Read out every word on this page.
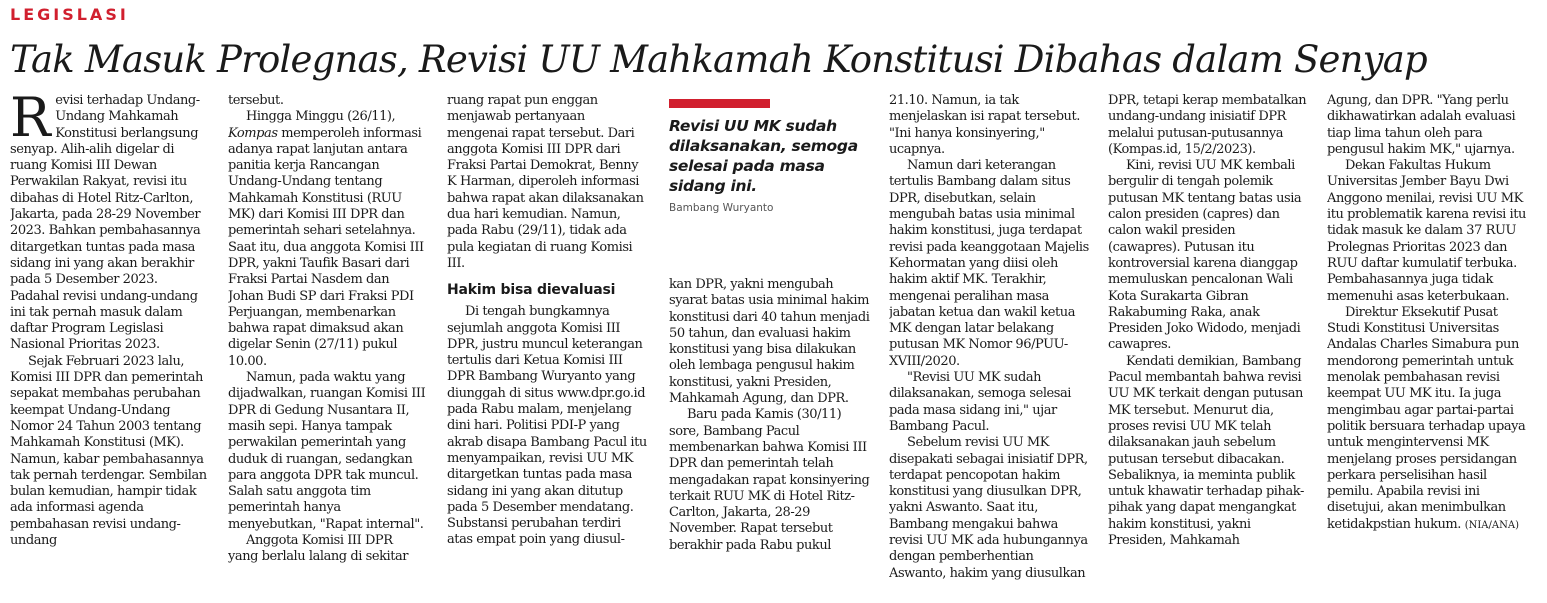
LEGISLASI
Tak Masuk Prolegnas, Revisi UU Mahkamah Konstitusi Dibahas dalam Senyap

Revisi terhadap Undang-Undang Mahkamah Konstitusi berlangsung senyap. Alih-alih digelar di ruang Komisi III Dewan Perwakilan Rakyat, revisi itu dibahas di Hotel Ritz-Carlton, Jakarta, pada 28-29 November 2023. Bahkan pembahasannya ditargetkan tuntas pada masa sidang ini yang akan berakhir pada 5 Desember 2023. Padahal revisi undang-undang ini tak pernah masuk dalam daftar Program Legislasi Nasional Prioritas 2023.

Sejak Februari 2023 lalu, Komisi III DPR dan pemerintah sepakat membahas perubahan keempat Undang-Undang Nomor 24 Tahun 2003 tentang Mahkamah Konstitusi (MK). Namun, kabar pembahasannya tak pernah terdengar. Sembilan bulan kemudian, hampir tidak ada informasi agenda pembahasan revisi undang-undang

tersebut.

Hingga Minggu (26/11), Kompas memperoleh informasi adanya rapat lanjutan antara panitia kerja Rancangan Undang-Undang tentang Mahkamah Konstitusi (RUU MK) dari Komisi III DPR dan pemerintah sehari setelahnya. Saat itu, dua anggota Komisi III DPR, yakni Taufik Basari dari Fraksi Partai Nasdem dan Johan Budi SP dari Fraksi PDI Perjuangan, membenarkan bahwa rapat dimaksud akan digelar Senin (27/11) pukul 10.00.

Namun, pada waktu yang dijadwalkan, ruangan Komisi III DPR di Gedung Nusantara II, masih sepi. Hanya tampak perwakilan pemerintah yang duduk di ruangan, sedangkan para anggota DPR tak muncul. Salah satu anggota tim pemerintah hanya menyebutkan, "Rapat internal".

Anggota Komisi III DPR yang berlalu lalang di sekitar

ruang rapat pun enggan menjawab pertanyaan mengenai rapat tersebut. Dari anggota Komisi III DPR dari Fraksi Partai Demokrat, Benny K Harman, diperoleh informasi bahwa rapat akan dilaksanakan dua hari kemudian. Namun, pada Rabu (29/11), tidak ada pula kegiatan di ruang Komisi III.

Hakim bisa dievaluasi

Di tengah bungkamnya sejumlah anggota Komisi III DPR, justru muncul keterangan tertulis dari Ketua Komisi III DPR Bambang Wuryanto yang diunggah di situs www.dpr.go.id pada Rabu malam, menjelang dini hari. Politisi PDI-P yang akrab disapa Bambang Pacul itu menyampaikan, revisi UU MK ditargetkan tuntas pada masa sidang ini yang akan ditutup pada 5 Desember mendatang. Substansi perubahan terdiri atas empat poin yang diusul-

Revisi UU MK sudah dilaksanakan, semoga selesai pada masa sidang ini.
Bambang Wuryanto

kan DPR, yakni mengubah syarat batas usia minimal hakim konstitusi dari 40 tahun menjadi 50 tahun, dan evaluasi hakim konstitusi yang bisa dilakukan oleh lembaga pengusul hakim konstitusi, yakni Presiden, Mahkamah Agung, dan DPR.

Baru pada Kamis (30/11) sore, Bambang Pacul membenarkan bahwa Komisi III DPR dan pemerintah telah mengadakan rapat konsinyering terkait RUU MK di Hotel Ritz-Carlton, Jakarta, 28-29 November. Rapat tersebut berakhir pada Rabu pukul

21.10. Namun, ia tak menjelaskan isi rapat tersebut. "Ini hanya konsinyering," ucapnya.

Namun dari keterangan tertulis Bambang dalam situs DPR, disebutkan, selain mengubah batas usia minimal hakim konstitusi, juga terdapat revisi pada keanggotaan Majelis Kehormatan yang diisi oleh hakim aktif MK. Terakhir, mengenai peralihan masa jabatan ketua dan wakil ketua MK dengan latar belakang putusan MK Nomor 96/PUU- XVIII/2020.

"Revisi UU MK sudah dilaksanakan, semoga selesai pada masa sidang ini," ujar Bambang Pacul.

Sebelum revisi UU MK disepakati sebagai inisiatif DPR, terdapat pencopotan hakim konstitusi yang diusulkan DPR, yakni Aswanto. Saat itu, Bambang mengakui bahwa revisi UU MK ada hubungannya dengan pemberhentian Aswanto, hakim yang diusulkan

DPR, tetapi kerap membatalkan undang-undang inisiatif DPR melalui putusan-putusannya (Kompas.id, 15/2/2023).

Kini, revisi UU MK kembali bergulir di tengah polemik putusan MK tentang batas usia calon presiden (capres) dan calon wakil presiden (cawapres). Putusan itu kontroversial karena dianggap memuluskan pencalonan Wali Kota Surakarta Gibran Rakabuming Raka, anak Presiden Joko Widodo, menjadi cawapres.

Kendati demikian, Bambang Pacul membantah bahwa revisi UU MK terkait dengan putusan MK tersebut. Menurut dia, proses revisi UU MK telah dilaksanakan jauh sebelum putusan tersebut dibacakan. Sebaliknya, ia meminta publik untuk khawatir terhadap pihak-pihak yang dapat mengangkat hakim konstitusi, yakni Presiden, Mahkamah

Agung, dan DPR. "Yang perlu dikhawatirkan adalah evaluasi tiap lima tahun oleh para pengusul hakim MK," ujarnya.

Dekan Fakultas Hukum Universitas Jember Bayu Dwi Anggono menilai, revisi UU MK itu problematik karena revisi itu tidak masuk ke dalam 37 RUU Prolegnas Prioritas 2023 dan RUU daftar kumulatif terbuka. Pembahasannya juga tidak memenuhi asas keterbukaan.

Direktur Eksekutif Pusat Studi Konstitusi Universitas Andalas Charles Simabura pun mendorong pemerintah untuk menolak pembahasan revisi keempat UU MK itu. Ia juga mengimbau agar partai-partai politik bersuara terhadap upaya untuk mengintervensi MK menjelang proses persidangan perkara perselisihan hasil pemilu. Apabila revisi ini disetujui, akan menimbulkan ketidakpstian hukum. (NIA/ANA)
